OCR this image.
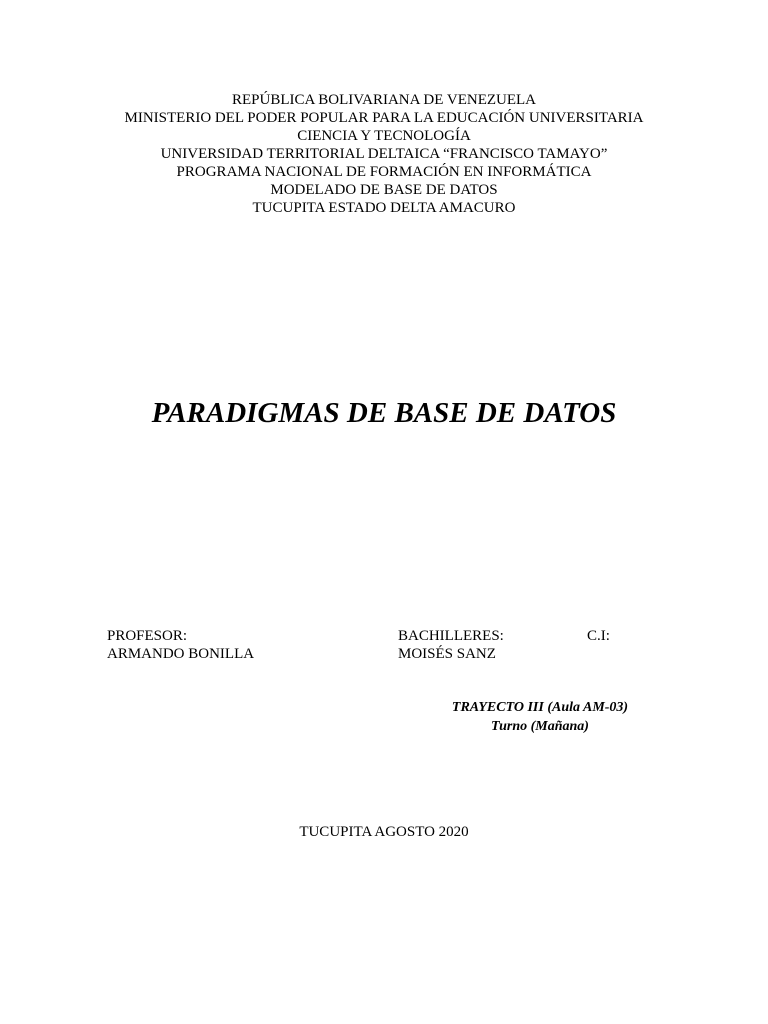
REPÚBLICA BOLIVARIANA DE VENEZUELA
MINISTERIO DEL PODER POPULAR PARA LA EDUCACIÓN UNIVERSITARIA
CIENCIA Y TECNOLOGÍA
UNIVERSIDAD TERRITORIAL DELTAICA “FRANCISCO TAMAYO”
PROGRAMA NACIONAL DE FORMACIÓN EN INFORMÁTICA
MODELADO DE BASE DE DATOS
TUCUPITA ESTADO DELTA AMACURO
PARADIGMAS DE BASE DE DATOS
PROFESOR:
ARMANDO BONILLA
BACHILLERES:
MOISÉS SANZ
C.I:
TRAYECTO III (Aula AM-03)
Turno (Mañana)
TUCUPITA AGOSTO 2020
